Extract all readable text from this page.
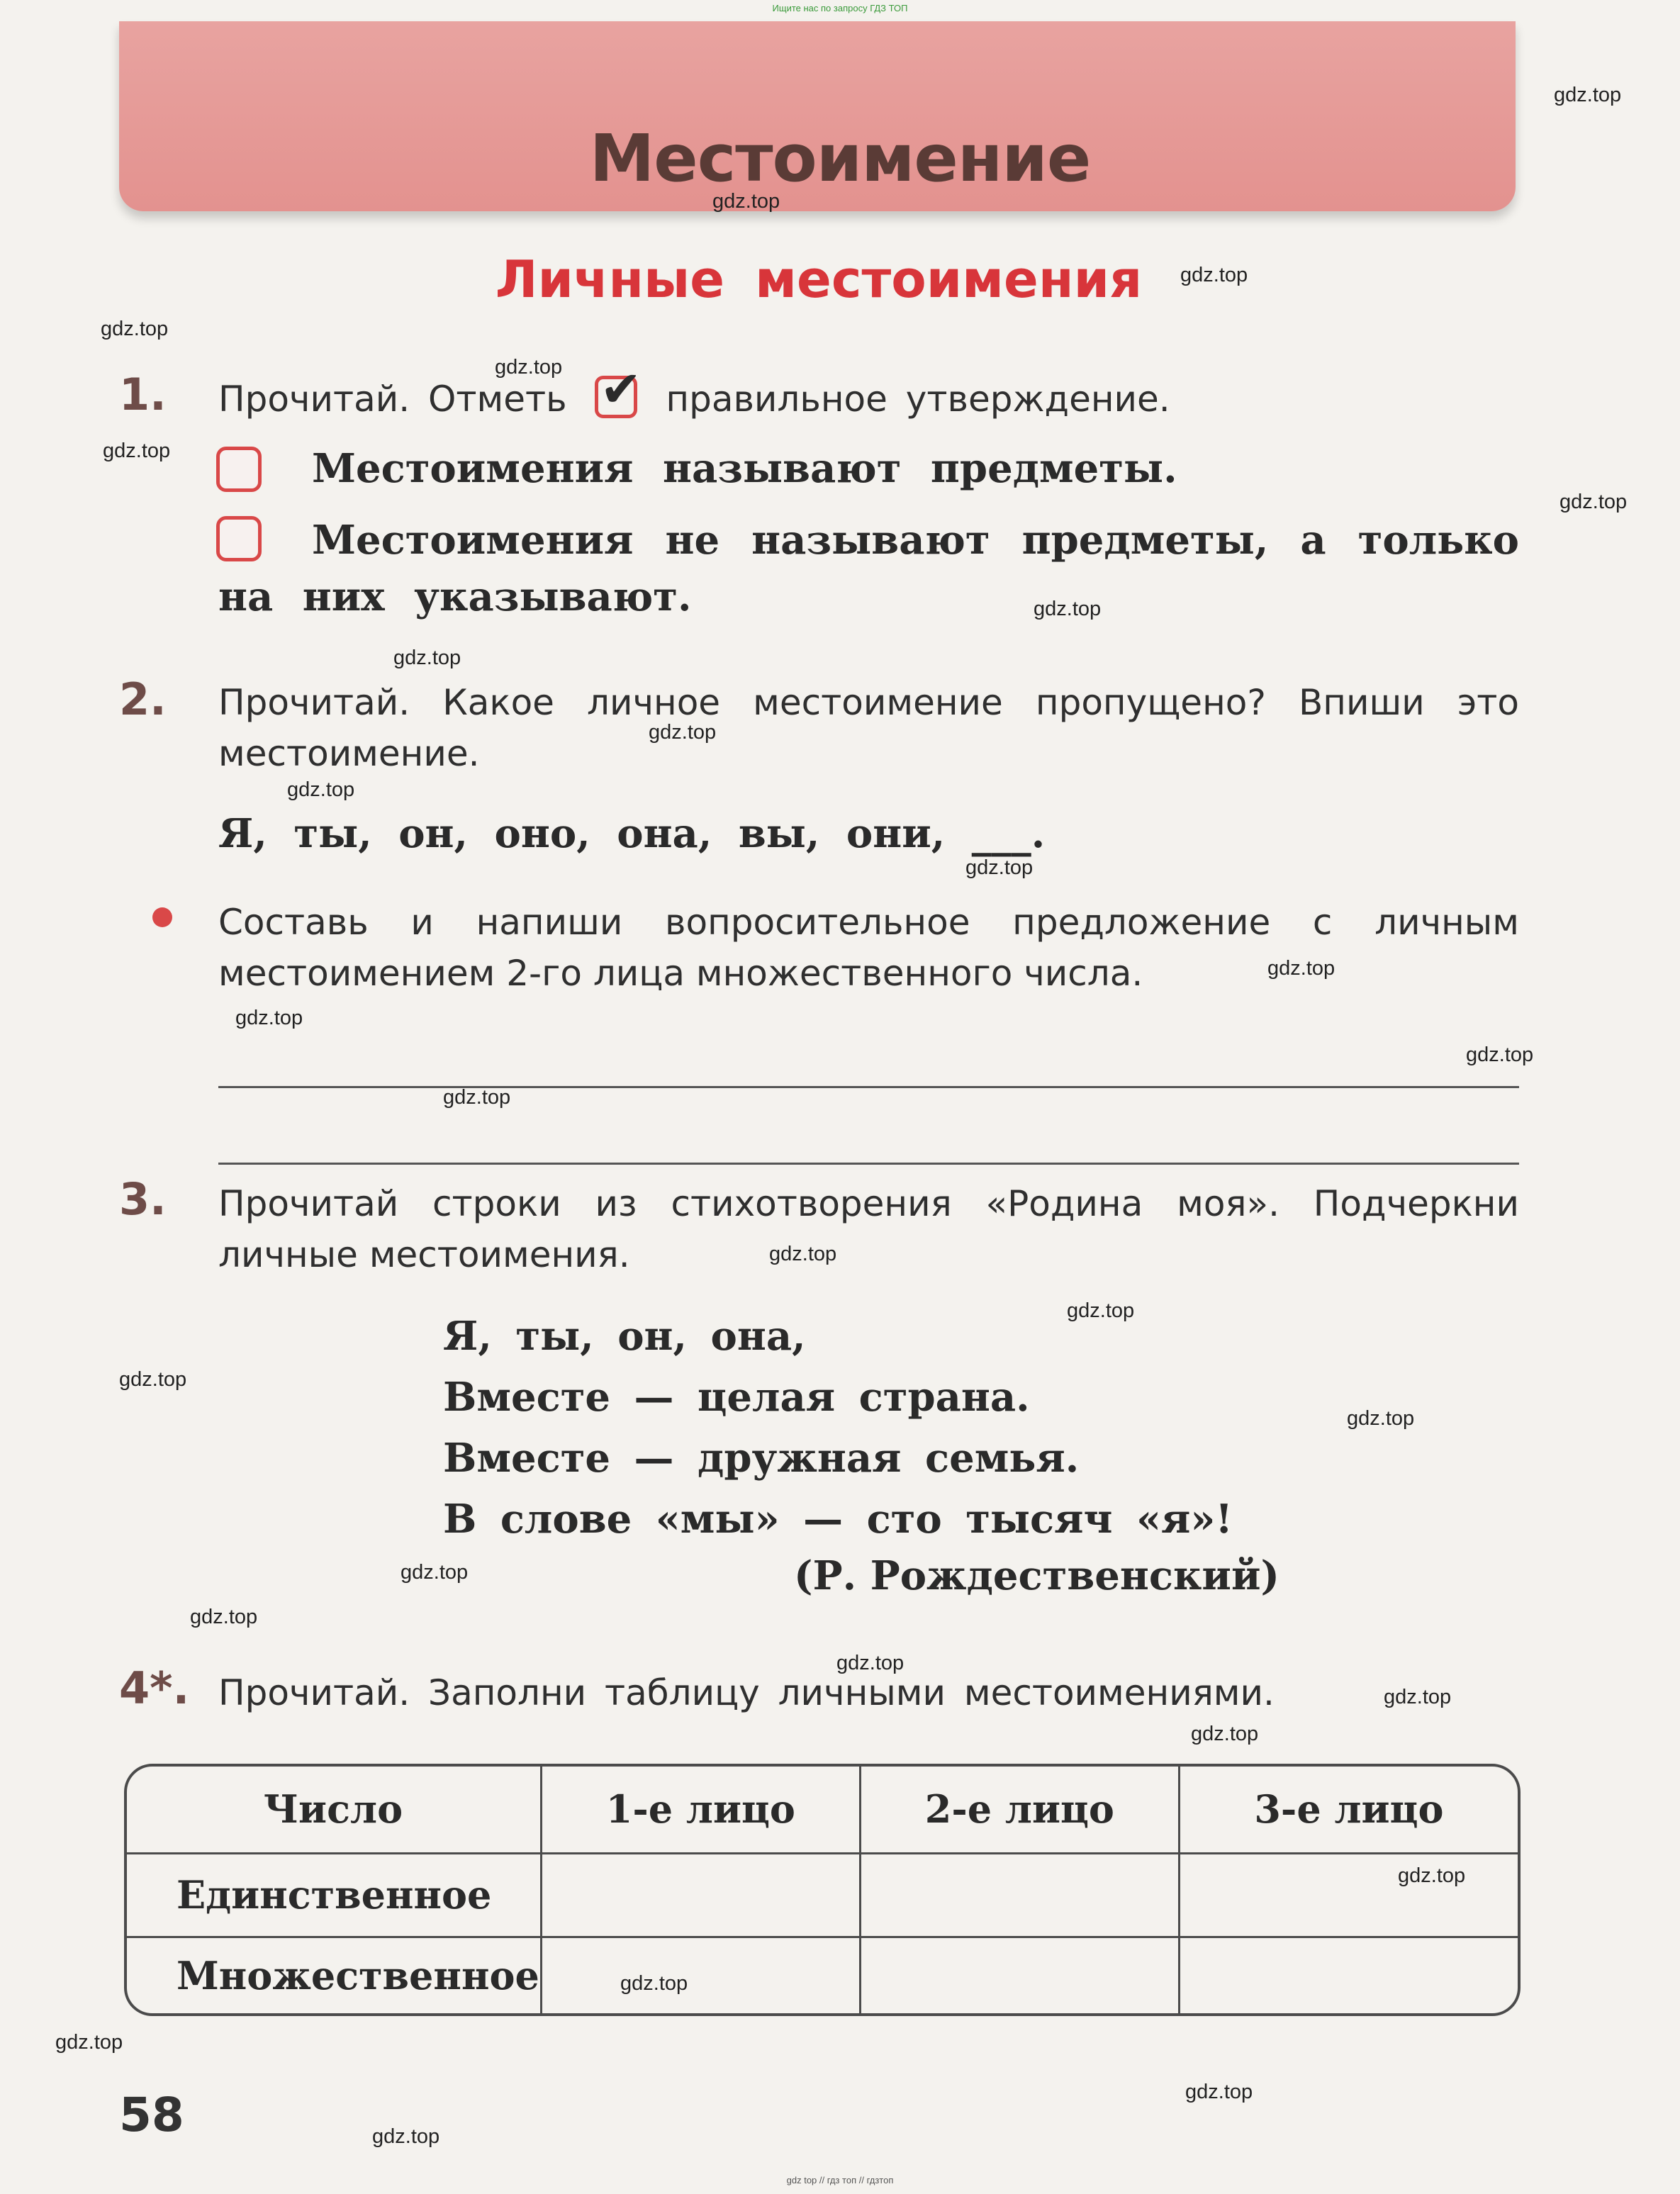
Ищите нас по запросу ГДЗ ТОП
Местоимение
Личные местоимения
1. Прочитай. Отметь ✔ правильное утверждение.
Местоимения называют предметы.
Местоимения не называют предметы, а только на них указывают.
2. Прочитай. Какое личное местоимение пропущено? Впиши это местоимение.
Я, ты, он, оно, она, вы, они, ___.
Составь и напиши вопросительное предложение с личным местоимением 2-го лица множественного числа.
3. Прочитай строки из стихотворения «Родина моя». Подчеркни личные местоимения.
Я, ты, он, она,
Вместе — целая страна.
Вместе — дружная семья.
В слове «мы» — сто тысяч «я»!
(Р. Рождественский)
4*. Прочитай. Заполни таблицу личными местоимениями.
Число	1-е лицо	2-е лицо	3-е лицо
Единственное			
Множественное			
58
gdz.top
gdz.top
gdz.top
gdz.top
gdz.top
gdz.top
gdz.top
gdz.top
gdz.top
gdz.top
gdz.top
gdz.top
gdz.top
gdz.top
gdz.top
gdz.top
gdz.top
gdz.top
gdz.top
gdz.top
gdz.top
gdz.top
gdz.top
gdz.top
gdz.top
gdz.top
gdz.top
gdz.top
gdz.top
gdz.top
gdz top // гдз топ // гдзтоп
